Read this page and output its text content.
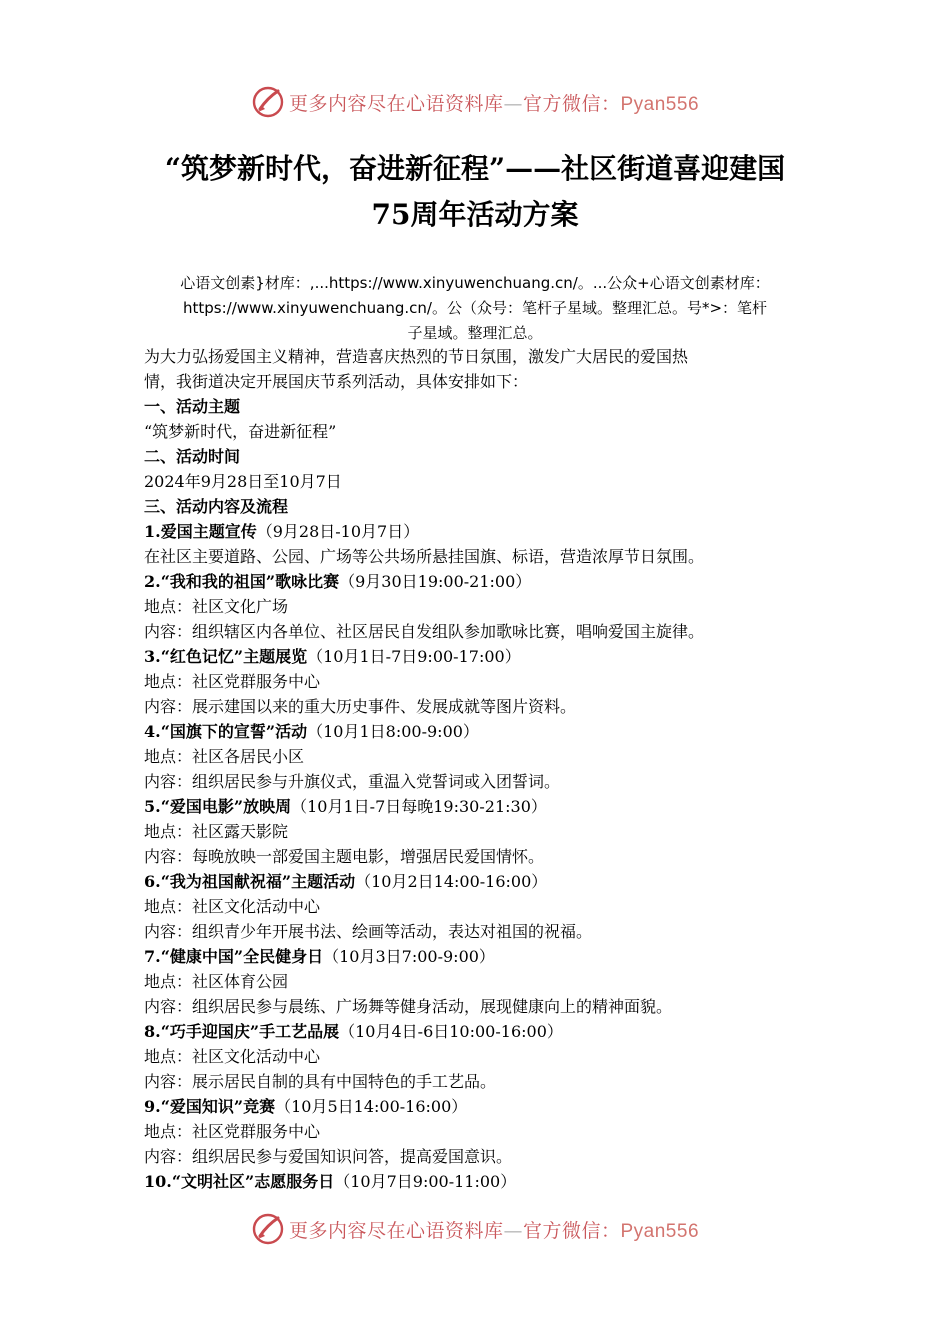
更多内容尽在心语资料库—官方微信：Pyan556
“筑梦新时代，奋进新征程”——社区街道喜迎建国
75周年活动方案
心语文创素}材库：,...https://www.xinyuwenchuang.cn/。...公众+心语文创素材库：
https://www.xinyuwenchuang.cn/。公（众号：笔杆子星域。整理汇总。号*>：笔杆
子星域。整理汇总。
为大力弘扬爱国主义精神，营造喜庆热烈的节日氛围，激发广大居民的爱国热
情，我街道决定开展国庆节系列活动，具体安排如下：
一、活动主题
“筑梦新时代，奋进新征程”
二、活动时间
2024年9月28日至10月7日
三、活动内容及流程
1.爱国主题宣传（9月28日-10月7日）
在社区主要道路、公园、广场等公共场所悬挂国旗、标语，营造浓厚节日氛围。
2.“我和我的祖国”歌咏比赛（9月30日19:00-21:00）
地点：社区文化广场
内容：组织辖区内各单位、社区居民自发组队参加歌咏比赛，唱响爱国主旋律。
3.“红色记忆”主题展览（10月1日-7日9:00-17:00）
地点：社区党群服务中心
内容：展示建国以来的重大历史事件、发展成就等图片资料。
4.“国旗下的宣誓”活动（10月1日8:00-9:00）
地点：社区各居民小区
内容：组织居民参与升旗仪式，重温入党誓词或入团誓词。
5.“爱国电影”放映周（10月1日-7日每晚19:30-21:30）
地点：社区露天影院
内容：每晚放映一部爱国主题电影，增强居民爱国情怀。
6.“我为祖国献祝福”主题活动（10月2日14:00-16:00）
地点：社区文化活动中心
内容：组织青少年开展书法、绘画等活动，表达对祖国的祝福。
7.“健康中国”全民健身日（10月3日7:00-9:00）
地点：社区体育公园
内容：组织居民参与晨练、广场舞等健身活动，展现健康向上的精神面貌。
8.“巧手迎国庆”手工艺品展（10月4日-6日10:00-16:00）
地点：社区文化活动中心
内容：展示居民自制的具有中国特色的手工艺品。
9.“爱国知识”竞赛（10月5日14:00-16:00）
地点：社区党群服务中心
内容：组织居民参与爱国知识问答，提高爱国意识。
10.“文明社区”志愿服务日（10月7日9:00-11:00）
更多内容尽在心语资料库—官方微信：Pyan556
